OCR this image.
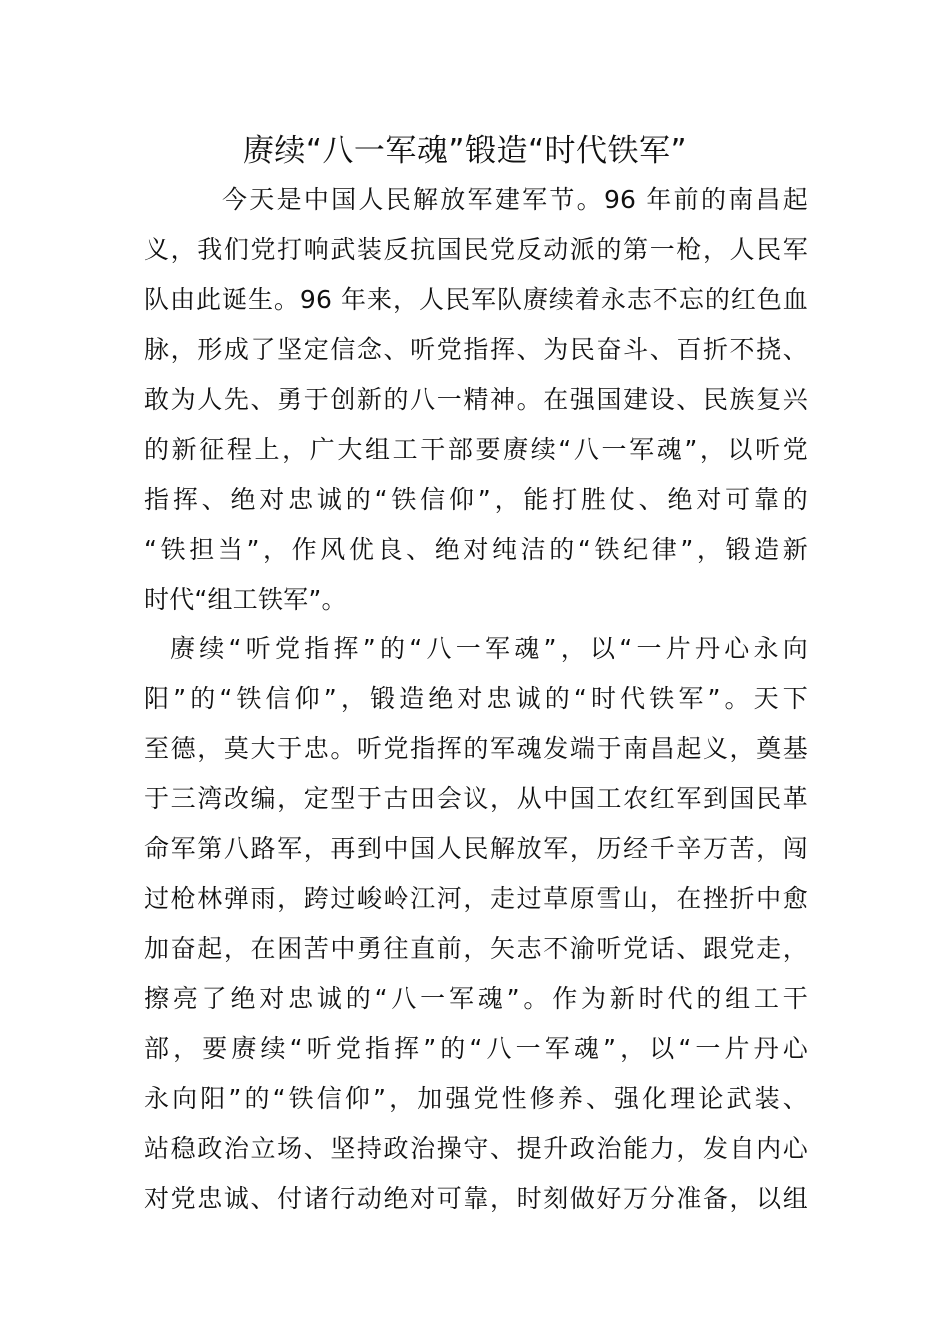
赓续“八一军魂”锻造“时代铁军”
今天是中国人民解放军建军节。96 年前的南昌起
义，我们党打响武装反抗国民党反动派的第一枪，人民军
队由此诞生。96 年来，人民军队赓续着永志不忘的红色血
脉，形成了坚定信念、听党指挥、为民奋斗、百折不挠、
敢为人先、勇于创新的八一精神。在强国建设、民族复兴
的新征程上，广大组工干部要赓续“八一军魂”，以听党
指挥、绝对忠诚的“铁信仰”，能打胜仗、绝对可靠的
“铁担当”，作风优良、绝对纯洁的“铁纪律”，锻造新
时代“组工铁军”。
赓续“听党指挥”的“八一军魂”，以“一片丹心永向
阳”的“铁信仰”，锻造绝对忠诚的“时代铁军”。天下
至德，莫大于忠。听党指挥的军魂发端于南昌起义，奠基
于三湾改编，定型于古田会议，从中国工农红军到国民革
命军第八路军，再到中国人民解放军，历经千辛万苦，闯
过枪林弹雨，跨过峻岭江河，走过草原雪山，在挫折中愈
加奋起，在困苦中勇往直前，矢志不渝听党话、跟党走，
擦亮了绝对忠诚的“八一军魂”。作为新时代的组工干
部，要赓续“听党指挥”的“八一军魂”，以“一片丹心
永向阳”的“铁信仰”，加强党性修养、强化理论武装、
站稳政治立场、坚持政治操守、提升政治能力，发自内心
对党忠诚、付诸行动绝对可靠，时刻做好万分准备，以组
